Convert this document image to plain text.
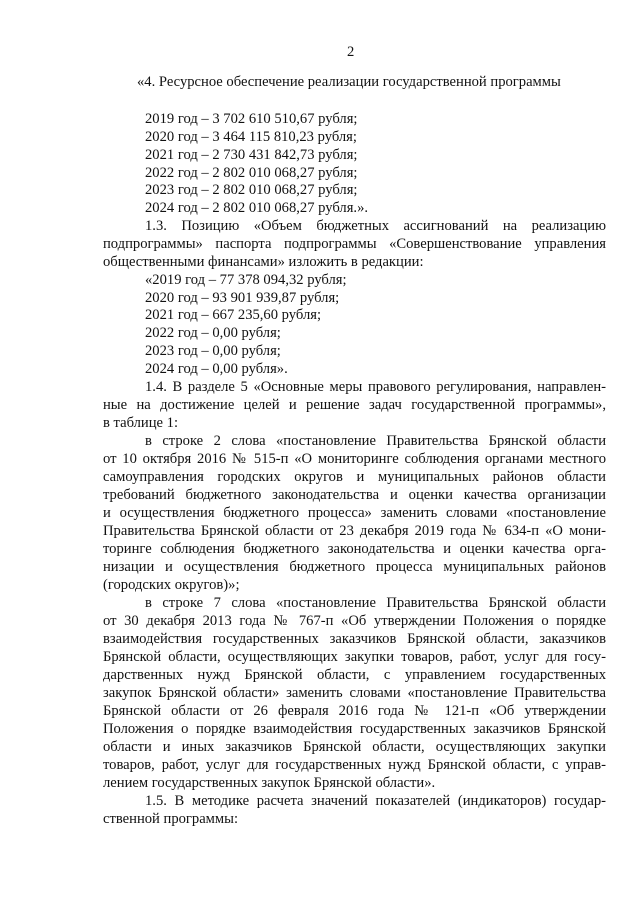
2
«4. Ресурсное обеспечение реализации государственной программы
2019 год – 3 702 610 510,67 рубля;
2020 год – 3 464 115 810,23 рубля;
2021 год – 2 730 431 842,73 рубля;
2022 год – 2 802 010 068,27 рубля;
2023 год – 2 802 010 068,27 рубля;
2024 год – 2 802 010 068,27 рубля.».
1.3. Позицию «Объем бюджетных ассигнований на реализацию
подпрограммы» паспорта подпрограммы «Совершенствование управления
общественными финансами» изложить в редакции:
«2019 год – 77 378 094,32 рубля;
2020 год – 93 901 939,87 рубля;
2021 год – 667 235,60 рубля;
2022 год – 0,00 рубля;
2023 год – 0,00 рубля;
2024 год – 0,00 рубля».
1.4. В разделе 5 «Основные меры правового регулирования, направлен-
ные на достижение целей и решение задач государственной программы»,
в таблице 1:
в строке 2 слова «постановление Правительства Брянской области
от 10 октября 2016 № 515-п «О мониторинге соблюдения органами местного
самоуправления городских округов и муниципальных районов области
требований бюджетного законодательства и оценки качества организации
и осуществления бюджетного процесса» заменить словами «постановление
Правительства Брянской области от 23 декабря 2019 года № 634-п «О мони-
торинге соблюдения бюджетного законодательства и оценки качества орга-
низации и осуществления бюджетного процесса муниципальных районов
(городских округов)»;
в строке 7 слова «постановление Правительства Брянской области
от 30 декабря 2013 года № 767-п «Об утверждении Положения о порядке
взаимодействия государственных заказчиков Брянской области, заказчиков
Брянской области, осуществляющих закупки товаров, работ, услуг для госу-
дарственных нужд Брянской области, с управлением государственных
закупок Брянской области» заменить словами «постановление Правительства
Брянской области от 26 февраля 2016 года № 121-п «Об утверждении
Положения о порядке взаимодействия государственных заказчиков Брянской
области и иных заказчиков Брянской области, осуществляющих закупки
товаров, работ, услуг для государственных нужд Брянской области, с управ-
лением государственных закупок Брянской области».
1.5. В методике расчета значений показателей (индикаторов) государ-
ственной программы:
